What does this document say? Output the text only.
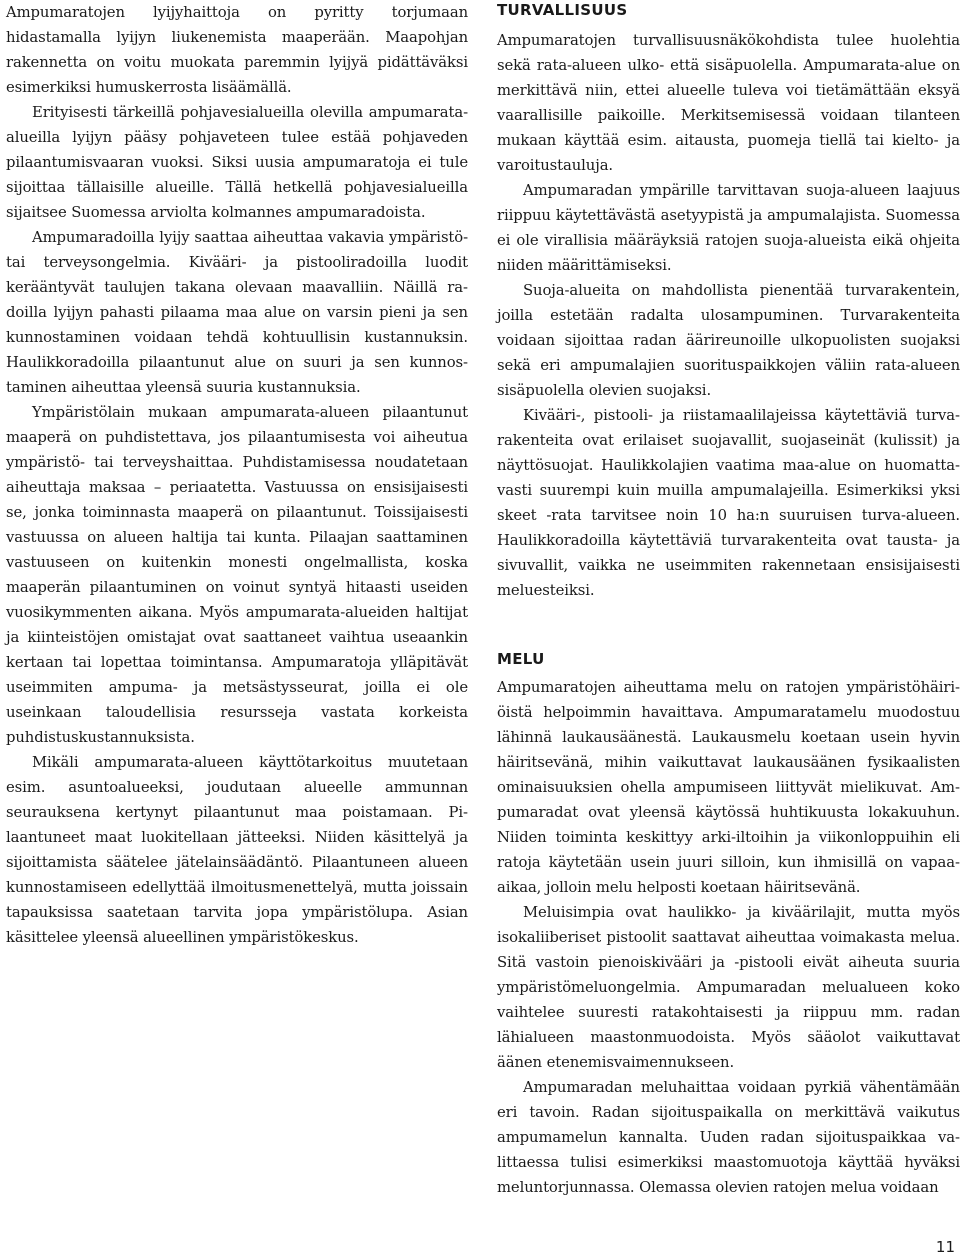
Ampumaratojen lyijyhaittoja on pyritty torjumaan hidastamalla lyijyn liukenemista maaperään. Maapohjan rakennetta on voitu muokata paremmin lyijyä pidättäväksi esimerkiksi humuskerrosta lisäämällä.

Erityisesti tärkeillä pohjavesialueilla olevilla ampumarata-alueilla lyijyn pääsy pohjaveteen tulee estää pohjaveden pilaantumisvaaran vuoksi. Siksi uusia ampumaratoja ei tule sijoittaa tällaisille alueille. Tällä hetkellä pohjavesialueilla sijaitsee Suomessa arviolta kolmannes ampumaradoista.

Ampumaradoilla lyijy saattaa aiheuttaa vakavia ympäristö- tai terveysongelmia. Kivääri- ja pistooliradoilla luodit kerääntyvät taulujen takana olevaan maavalliin. Näillä radoilla lyijyn pahasti pilaama maa alue on varsin pieni ja sen kunnostaminen voidaan tehdä kohtuullisin kustannuksin. Haulikkoradoilla pilaantunut alue on suuri ja sen kunnostaminen aiheuttaa yleensä suuria kustannuksia.

Ympäristölain mukaan ampumarata-alueen pilaantunut maaperä on puhdistettava, jos pilaantumisesta voi aiheutua ympäristö- tai terveyshaittaa. Puhdistamisessa noudatetaan aiheuttaja maksaa – periaatetta. Vastuussa on ensisijaisesti se, jonka toiminnasta maaperä on pilaantunut. Toissijaisesti vastuussa on alueen haltija tai kunta. Pilaajan saattaminen vastuuseen on kuitenkin monesti ongelmallista, koska maaperän pilaantuminen on voinut syntyä hitaasti useiden vuosikymmenten aikana. Myös ampumarata-alueiden haltijat ja kiinteistöjen omistajat ovat saattaneet vaihtua useaankin kertaan tai lopettaa toimintansa. Ampumaratoja ylläpitävät useimmiten ampuma- ja metsästysseurat, joilla ei ole useinkaan taloudellisia resursseja vastata korkeista puhdistuskustannuksista.

Mikäli ampumarata-alueen käyttötarkoitus muutetaan esim. asuntoalueeksi, joudutaan alueelle ammunnan seurauksena kertynyt pilaantunut maa poistamaan. Pilaantuneet maat luokitellaan jätteeksi. Niiden käsittelyä ja sijoittamista säätelee jätelainsäädäntö. Pilaantuneen alueen kunnostamiseen edellyttää ilmoitusmenettelyä, mutta joissain tapauksissa saatetaan tarvita jopa ympäristölupa. Asian käsittelee yleensä alueellinen ympäristökeskus.

TURVALLISUUS

Ampumaratojen turvallisuusnäkökohdista tulee huolehtia sekä rata-alueen ulko- että sisäpuolella. Ampumarata-alue on merkittävä niin, ettei alueelle tuleva voi tietämättään eksyä vaarallisille paikoille. Merkitsemisessä voidaan tilanteen mukaan käyttää esim. aitausta, puomeja tiellä tai kielto- ja varoitustauluja.

Ampumaradan ympärille tarvittavan suoja-alueen laajuus riippuu käytettävästä asetyypistä ja ampumalajista. Suomessa ei ole virallisia määräyksiä ratojen suoja-alueista eikä ohjeita niiden määrittämiseksi.

Suoja-alueita on mahdollista pienentää turvarakentein, joilla estetään radalta ulosampuminen. Turvarakenteita voidaan sijoittaa radan äärireunoille ulkopuolisten suojaksi sekä eri ampumalajien suorituspaikkojen väliin rata-alueen sisäpuolella olevien suojaksi.

Kivääri-, pistooli- ja riistamaalilajeissa käytettäviä turvarakenteita ovat erilaiset suojavallit, suojaseinät (kulissit) ja näyttösuojat. Haulikkolajien vaatima maa-alue on huomattavasti suurempi kuin muilla ampumalajeilla. Esimerkiksi yksi skeet -rata tarvitsee noin 10 ha:n suuruisen turva-alueen. Haulikkoradoilla käytettäviä turvarakenteita ovat tausta- ja sivuvallit, vaikka ne useimmiten rakennetaan ensisijaisesti meluesteiksi.

MELU

Ampumaratojen aiheuttama melu on ratojen ympäristöhäiriöistä helpoimmin havaittava. Ampumaratamelu muodostuu lähinnä laukausäänestä. Laukausmelu koetaan usein hyvin häiritsevänä, mihin vaikuttavat laukausäänen fysikaalisten ominaisuuksien ohella ampumiseen liittyvät mielikuvat. Ampumaradat ovat yleensä käytössä huhtikuusta lokakuuhun. Niiden toiminta keskittyy arki-iltoihin ja viikonloppuihin eli ratoja käytetään usein juuri silloin, kun ihmisillä on vapaaaikaa, jolloin melu helposti koetaan häiritsevänä.

Meluisimpia ovat haulikko- ja kiväärilajit, mutta myös isokaliiberiset pistoolit saattavat aiheuttaa voimakasta melua. Sitä vastoin pienoiskivääri ja -pistooli eivät aiheuta suuria ympäristömeluongelmia. Ampumaradan melualueen koko vaihtelee suuresti ratakohtaisesti ja riippuu mm. radan lähialueen maastonmuodoista. Myös sääolot vaikuttavat äänen etenemisvaimennukseen.

Ampumaradan meluhaittaa voidaan pyrkiä vähentämään eri tavoin. Radan sijoituspaikalla on merkittävä vaikutus ampumamelun kannalta. Uuden radan sijoituspaikkaa valittaessa tulisi esimerkiksi maastomuotoja käyttää hyväksi meluntorjunnassa. Olemassa olevien ratojen melua voidaan

11
